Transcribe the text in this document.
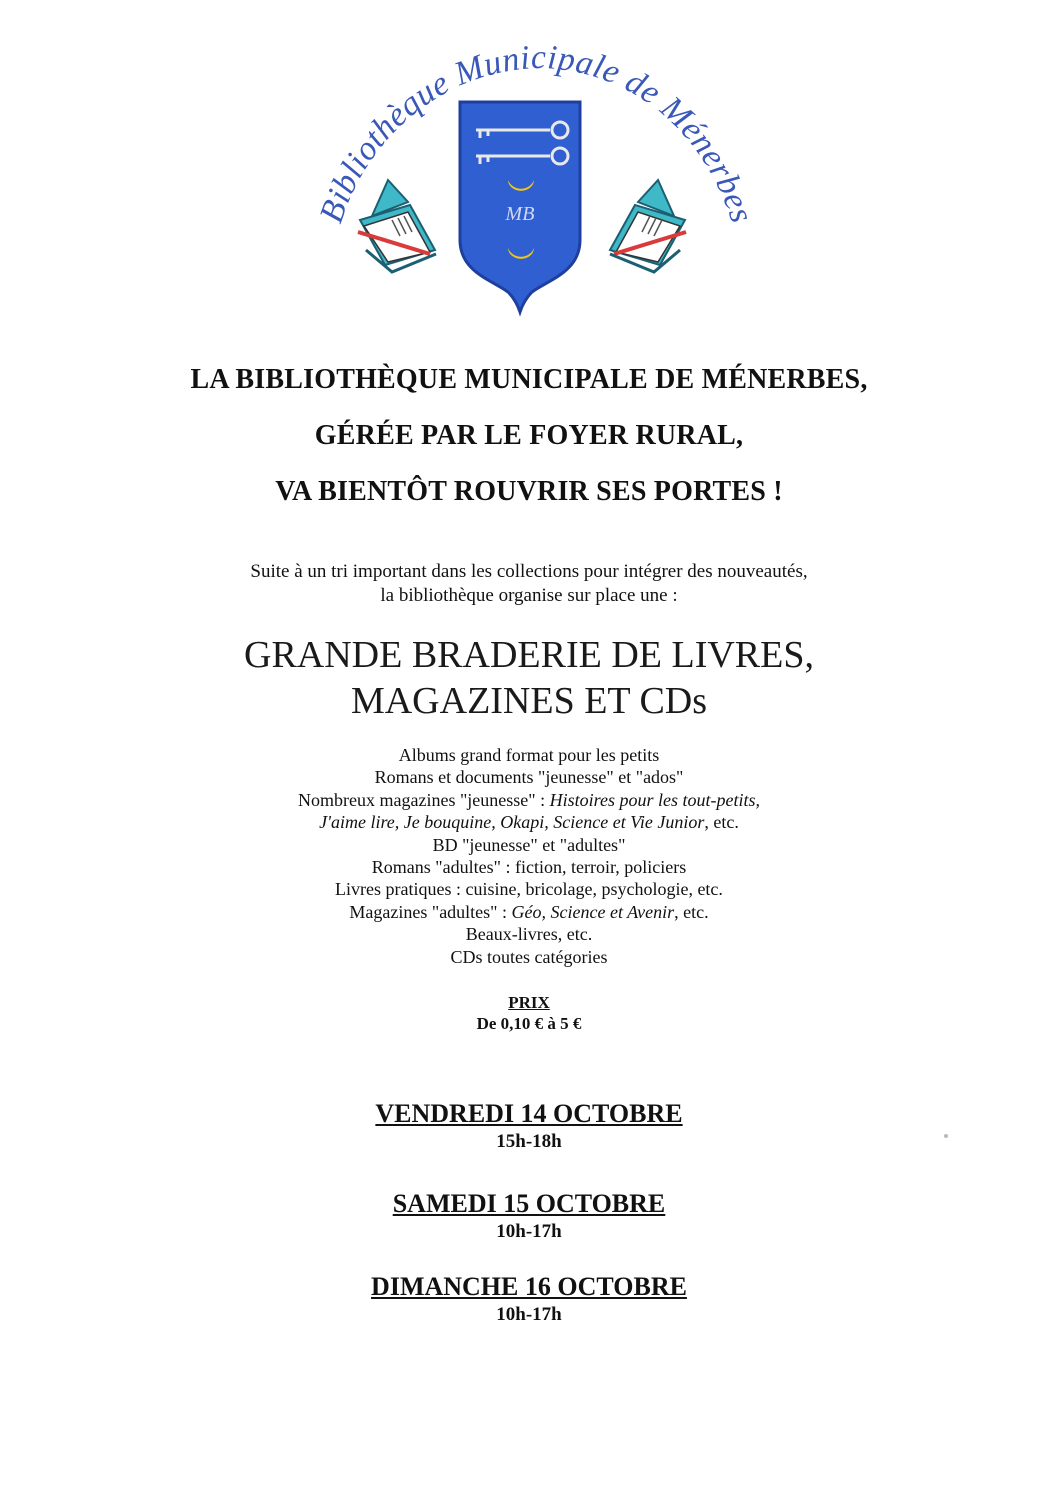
Bibliothèque Municipale de Ménerbes
MB
LA BIBLIOTHÈQUE MUNICIPALE DE MÉNERBES,
GÉRÉE PAR LE FOYER RURAL,
VA BIENTÔT ROUVRIR SES PORTES !
Suite à un tri important dans les collections pour intégrer des nouveautés,
la bibliothèque organise sur place une :
GRANDE BRADERIE DE LIVRES,
MAGAZINES ET CDs
Albums grand format pour les petits
Romans et documents "jeunesse" et "ados"
Nombreux magazines "jeunesse" : Histoires pour les tout-petits,
J'aime lire, Je bouquine, Okapi, Science et Vie Junior, etc.
BD "jeunesse" et "adultes"
Romans "adultes" : fiction, terroir, policiers
Livres pratiques : cuisine, bricolage, psychologie, etc.
Magazines "adultes" : Géo, Science et Avenir, etc.
Beaux-livres, etc.
CDs toutes catégories
PRIX
De 0,10 € à 5 €
VENDREDI 14 OCTOBRE
15h-18h
SAMEDI 15 OCTOBRE
10h-17h
DIMANCHE 16 OCTOBRE
10h-17h
